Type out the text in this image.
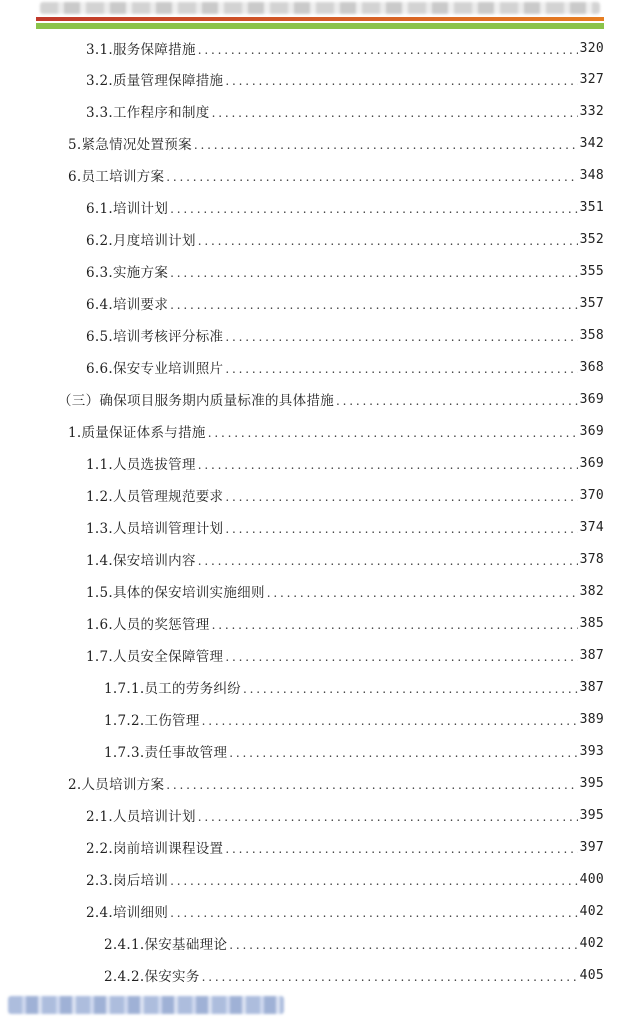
3.1.服务保障措施 . . .	320
3.2.质量管理保障措施 . . .	327
3.3.工作程序和制度 . . .	332
5.紧急情况处置预案 . . .	342
6.员工培训方案 . . .	348
6.1.培训计划 . . .	351
6.2.月度培训计划 . . .	352
6.3.实施方案 . . .	355
6.4.培训要求 . . .	357
6.5.培训考核评分标准 . . .	358
6.6.保安专业培训照片 . . .	368
（三）确保项目服务期内质量标准的具体措施 . . .	369
1.质量保证体系与措施 . . .	369
1.1.人员选拔管理 . . .	369
1.2.人员管理规范要求 . . .	370
1.3.人员培训管理计划 . . .	374
1.4.保安培训内容 . . .	378
1.5.具体的保安培训实施细则 . . .	382
1.6.人员的奖惩管理 . . .	385
1.7.人员安全保障管理 . . .	387
1.7.1.员工的劳务纠纷 . . .	387
1.7.2.工伤管理 . . .	389
1.7.3.责任事故管理 . . .	393
2.人员培训方案 . . .	395
2.1.人员培训计划 . . .	395
2.2.岗前培训课程设置 . . .	397
2.3.岗后培训 . . .	400
2.4.培训细则 . . .	402
2.4.1.保安基础理论 . . .	402
2.4.2.保安实务 . . .	405
